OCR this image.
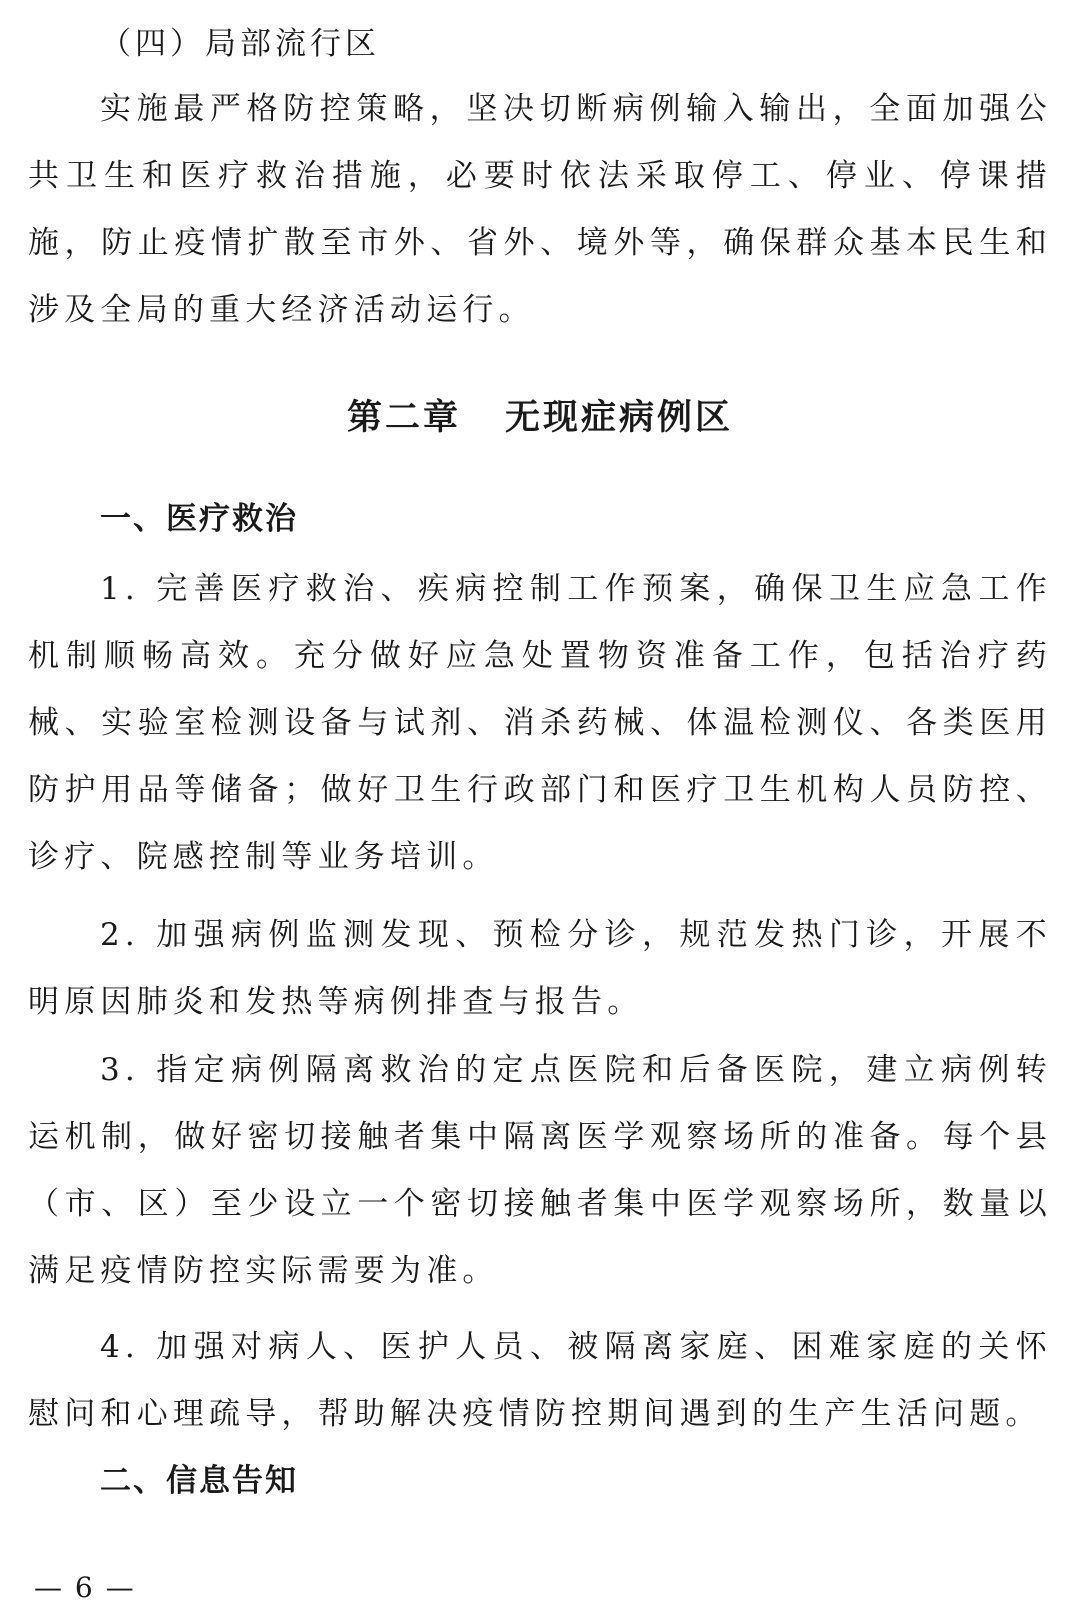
（四）局部流行区

实施最严格防控策略，坚决切断病例输入输出，全面加强公共卫生和医疗救治措施，必要时依法采取停工、停业、停课措施，防止疫情扩散至市外、省外、境外等，确保群众基本民生和涉及全局的重大经济活动运行。

第二章 无现症病例区
一、医疗救治

1. 完善医疗救治、疾病控制工作预案，确保卫生应急工作机制顺畅高效。充分做好应急处置物资准备工作，包括治疗药械、实验室检测设备与试剂、消杀药械、体温检测仪、各类医用防护用品等储备；做好卫生行政部门和医疗卫生机构人员防控、诊疗、院感控制等业务培训。

2. 加强病例监测发现、预检分诊，规范发热门诊，开展不明原因肺炎和发热等病例排查与报告。

3. 指定病例隔离救治的定点医院和后备医院，建立病例转运机制，做好密切接触者集中隔离医学观察场所的准备。每个县（市、区）至少设立一个密切接触者集中医学观察场所，数量以满足疫情防控实际需要为准。

4. 加强对病人、医护人员、被隔离家庭、困难家庭的关怀慰问和心理疏导，帮助解决疫情防控期间遇到的生产生活问题。

二、信息告知

— 6 —
